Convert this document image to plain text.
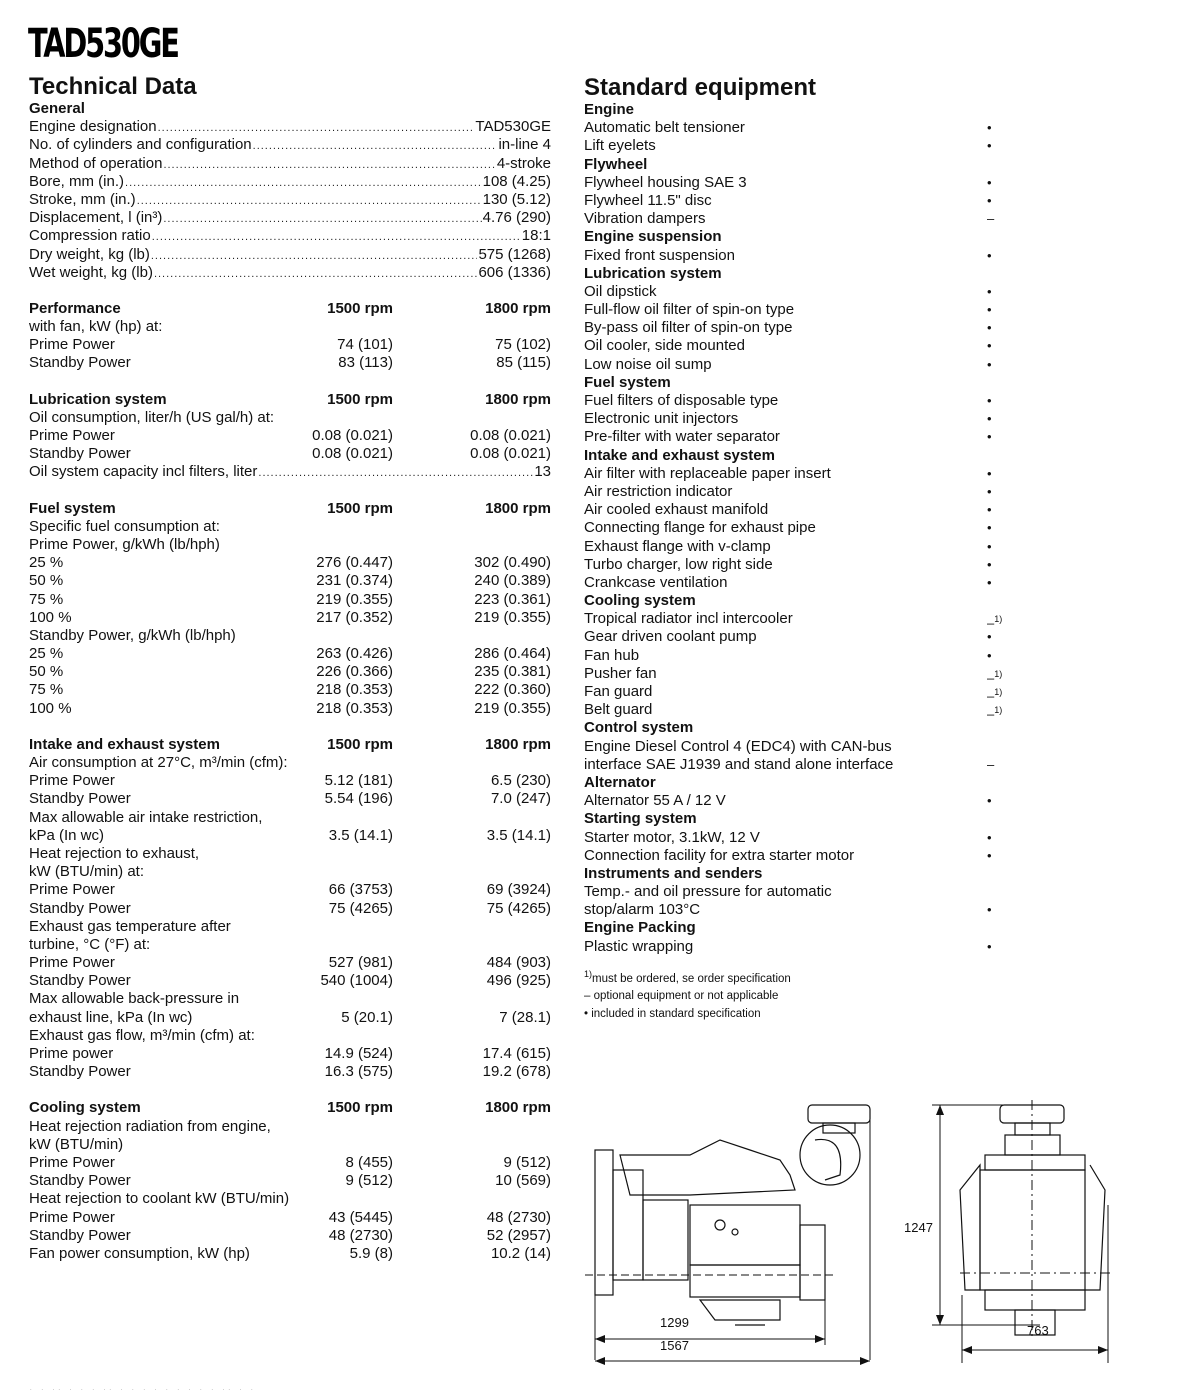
TAD530GE
Technical Data
General
Engine designation .....	TAD530GE
No. of cylinders and configuration .....	in-line 4
Method of operation .....	4-stroke
Bore, mm (in.) .....	108 (4.25)
Stroke, mm (in.) .....	130 (5.12)
Displacement, l (in³) .....	4.76 (290)
Compression ratio .....	18:1
Dry weight, kg (lb) .....	575 (1268)
Wet weight, kg (lb) .....	606 (1336)
Performance	1500 rpm	1800 rpm
with fan, kW (hp) at:
Prime Power	74 (101)	75 (102)
Standby Power	83 (113)	85 (115)
Lubrication system	1500 rpm	1800 rpm
Oil consumption, liter/h (US gal/h) at:
Prime Power	0.08 (0.021)	0.08 (0.021)
Standby Power	0.08 (0.021)	0.08 (0.021)
Oil system capacity incl filters, liter .....	13
Fuel system	1500 rpm	1800 rpm
Specific fuel consumption at:
Prime Power, g/kWh (lb/hph)
25 %	276 (0.447)	302 (0.490)
50 %	231 (0.374)	240 (0.389)
75 %	219 (0.355)	223 (0.361)
100 %	217 (0.352)	219 (0.355)
Standby Power, g/kWh (lb/hph)
25 %	263 (0.426)	286 (0.464)
50 %	226 (0.366)	235 (0.381)
75 %	218 (0.353)	222 (0.360)
100 %	218 (0.353)	219 (0.355)
Intake and exhaust system	1500 rpm	1800 rpm
Air consumption at 27°C, m³/min (cfm):
Prime Power	5.12 (181)	6.5 (230)
Standby Power	5.54 (196)	7.0 (247)
Max allowable air intake restriction,
kPa (In wc)	3.5 (14.1)	3.5 (14.1)
Heat rejection to exhaust,
kW (BTU/min) at:
Prime Power	66 (3753)	69 (3924)
Standby Power	75 (4265)	75 (4265)
Exhaust gas temperature after
turbine, °C (°F) at:
Prime Power	527 (981)	484 (903)
Standby Power	540 (1004)	496 (925)
Max allowable back-pressure in
exhaust line, kPa (In wc)	5 (20.1)	7 (28.1)
Exhaust gas flow, m³/min (cfm) at:
Prime power	14.9 (524)	17.4 (615)
Standby Power	16.3 (575)	19.2 (678)
Cooling system	1500 rpm	1800 rpm
Heat rejection radiation from engine,
kW (BTU/min)
Prime Power	8 (455)	9 (512)
Standby Power	9 (512)	10 (569)
Heat rejection to coolant kW (BTU/min)
Prime Power	43 (5445)	48 (2730)
Standby Power	48 (2730)	52 (2957)
Fan power consumption, kW (hp)	5.9 (8)	10.2 (14)
Standard equipment
Engine
Automatic belt tensioner	•
Lift eyelets	•
Flywheel
Flywheel housing SAE 3	•
Flywheel 11.5" disc	•
Vibration dampers	–
Engine suspension
Fixed front suspension	•
Lubrication system
Oil dipstick	•
Full-flow oil filter of spin-on type	•
By-pass oil filter of spin-on type	•
Oil cooler, side mounted	•
Low noise oil sump	•
Fuel system
Fuel filters of disposable type	•
Electronic unit injectors	•
Pre-filter with water separator	•
Intake and exhaust system
Air filter with replaceable paper insert	•
Air restriction indicator	•
Air cooled exhaust manifold	•
Connecting flange for exhaust pipe	•
Exhaust flange with v-clamp	•
Turbo charger, low right side	•
Crankcase ventilation	•
Cooling system
Tropical radiator incl intercooler	–$^{1)}$
Gear driven coolant pump	•
Fan hub	•
Pusher fan	–$^{1)}$
Fan guard	–$^{1)}$
Belt guard	–$^{1)}$
Control system
Engine Diesel Control 4 (EDC4) with CAN-bus
interface SAE J1939 and stand alone interface	–
Alternator
Alternator 55 A / 12 V	•
Starting system
Starter motor, 3.1kW, 12 V	•
Connection facility for extra starter motor	•
Instruments and senders
Temp.- and oil pressure for automatic
stop/alarm 103°C	•
Engine Packing
Plastic wrapping	•
$^{1)}$must be ordered, se order specification
– optional equipment or not applicable
• included in standard specification
1299
1567
1247
763
. . .. . . . .. . . . . . . . . . .. . .
